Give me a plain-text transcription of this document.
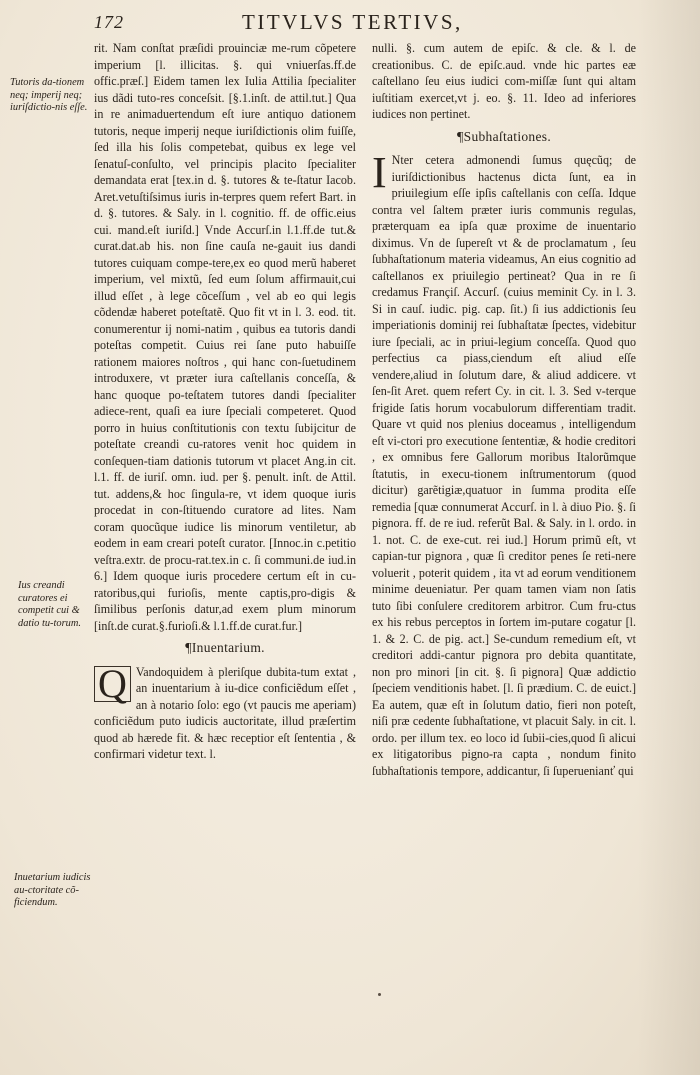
172	TITVLVS TERTIVS,
Tutoris da-tionem neq; imperij neq; iuriſdictio-nis eſſe.
Ius creandi curatores ei competit cui & datio tu-torum.
Inuetarium iudicis au-ctoritate cõ-ficiendum.

rit. Nam conſtat præſidi prouinciæ me-rum cõpetere imperium [l. illicitas. §. qui vniuerſas.ff.de offic.præſ.] Eidem tamen lex Iulia Attilia ſpecialiter ius dãdi tuto-res conceſsit. [§.1.inſt. de attil.tut.] Qua in re animaduertendum eſt iure antiquo dationem tutoris, neque imperij neque iuriſdictionis olim fuiſſe, ſed illa his ſolis competebat, quibus ex lege vel ſenatuſ-conſulto, vel principis placito ſpecialiter demandata erat [tex.in d. §. tutores & te-ſtatur Iacob. Aret.vetuſtiſsimus iuris in-terpres quem refert Bart. in d. §. tutores. & Saly. in l. cognitio. ff. de offic.eius cui. mand.eſt iuriſd.] Vnde Accurſ.in l.1.ff.de tut.& curat.dat.ab his. non ſine cauſa ne-gauit ius dandi tutores cuiquam compe-tere,ex eo quod merũ haberet imperium, vel mixtũ, ſed eum ſolum affirmauit,cui illud eſſet , à lege cõceſſum , vel ab eo qui legis cõdendæ haberet poteſtatẽ. Quo fit vt in l. 3. eod. tit. conumerentur ij nomi-natim , quibus ea tutoris dandi poteſtas competit. Cuius rei ſane puto habuiſſe rationem maiores noſtros , qui hanc con-ſuetudinem introduxere, vt præter iura caſtellanis conceſſa, & hanc quoque po-teſtatem tutores dandi ſpecialiter adiece-rent, quaſi ea iure ſpeciali competeret. Quod porro in huius conſtitutionis con textu ſubijcitur de poteſtate creandi cu-ratores venit hoc quidem in conſequen-tiam dationis tutorum vt placet Ang.in cit. l.1. ff. de iuriſ. omn. iud. per §. penult. inſt. de Attil. tut. addens,& hoc ſingula-re, vt idem quoque iuris procedat in con-ſtituendo curatore ad lites. Nam coram quocũque iudice lis minorum ventiletur, ab eodem in eam creari poteſt curator. [Innoc.in c.petitio veſtra.extr. de procu-rat.tex.in c. ſi communi.de iud.in 6.] Idem quoque iuris procedere certum eſt in cu-ratoribus,qui furioſis, mente captis,pro-digis & ſimilibus perſonis datur,ad exem plum minorum [inſt.de curat.§.furioſi.& l.1.ff.de curat.fur.]

¶Inuentarium.

Q Vandoquidem à pleriſque dubita-tum extat , an inuentarium à iu-dice conficiẽdum eſſet , an à notario ſolo: ego (vt paucis me aperiam) conficiẽdum puto iudicis auctoritate, illud præſertim quod ab hærede fit. & hæc receptior eſt ſententia , & confirmari videtur text. l.

nulli. §. cum autem de epiſc. & cle. & l. de creationibus. C. de epiſc.aud. vnde hic partes eæ caſtellano ſeu eius iudici com-miſſæ ſunt qui altam iuſtitiam exercet,vt j. eo. §. 11. Ideo ad inferiores iudices non pertinet.

¶Subhaſtationes.

I Nter cetera admonendi ſumus quęcũq; de iuriſdictionibus hactenus dicta ſunt, ea in priuilegium eſſe ipſis caſtellanis con ceſſa. Idque contra vel ſaltem præter iuris communis regulas, præterquam ea ipſa quæ proxime de inuentario diximus. Vn de ſupereſt vt & de proclamatum , ſeu ſubhaſtationum materia videamus, An eius cognitio ad caſtellanos ex priuilegio pertineat? Qua in re ſi credamus Françiſ. Accurſ. (cuius meminit Cy. in l. 3. Si in cauſ. iudic. pig. cap. ſit.) ſi ius addictionis ſeu imperiationis dominij rei ſubhaſtatæ ſpectes, videbitur iure ſpeciali, ac in priui-legium conceſſa. Quod quo perfectius ca piass,ciendum eſt aliud eſſe vendere,aliud in ſolutum dare, & aliud addicere. vt ſen-ſit Aret. quem refert Cy. in cit. l. 3. Sed v-terque frigide ſatis horum vocabulorum differentiam tradit. Quare vt quid nos plenius doceamus , intelligendum eſt vi-ctori pro executione ſententiæ, & hodie creditori , ex omnibus fere Gallorum moribus Italorũmque ſtatutis, in execu-tionem inſtrumentorum (quod dicitur) garẽtigiæ,quatuor in ſumma prodita eſſe remedia [quæ connumerat Accurſ. in l. à diuo Pio. §. ſi pignora. ff. de re iud. referũt Bal. & Saly. in l. ordo. in 1. not. C. de exe-cut. rei iud.] Horum primũ eſt, vt capian-tur pignora , quæ ſi creditor penes ſe reti-nere voluerit , poterit quidem , ita vt ad eorum venditionem minime deueniatur. Per quam tamen viam non ſatis tuto ſibi conſulere creditorem arbitror. Cum fru-ctus ex his rebus perceptos in ſortem im-putare cogatur [l. 1. & 2. C. de pig. act.] Se-cundum remedium eſt, vt creditori addi-cantur pignora pro debita quantitate, non pro minori [in cit. §. ſi pignora] Quæ addictio ſpeciem venditionis habet. [l. ſi prædium. C. de euict.] Ea autem, quæ eſt in ſolutum datio, fieri non poteſt, niſi præ cedente ſubhaſtatione, vt placuit Saly. in cit. l. ordo. per illum tex. eo loco id ſubii-cies,quod ſi alicui ex litigatoribus pigno-ra capta , nondum finito ſubhaſtationis tempore, addicantur, ſi ſuperuenianť qui
